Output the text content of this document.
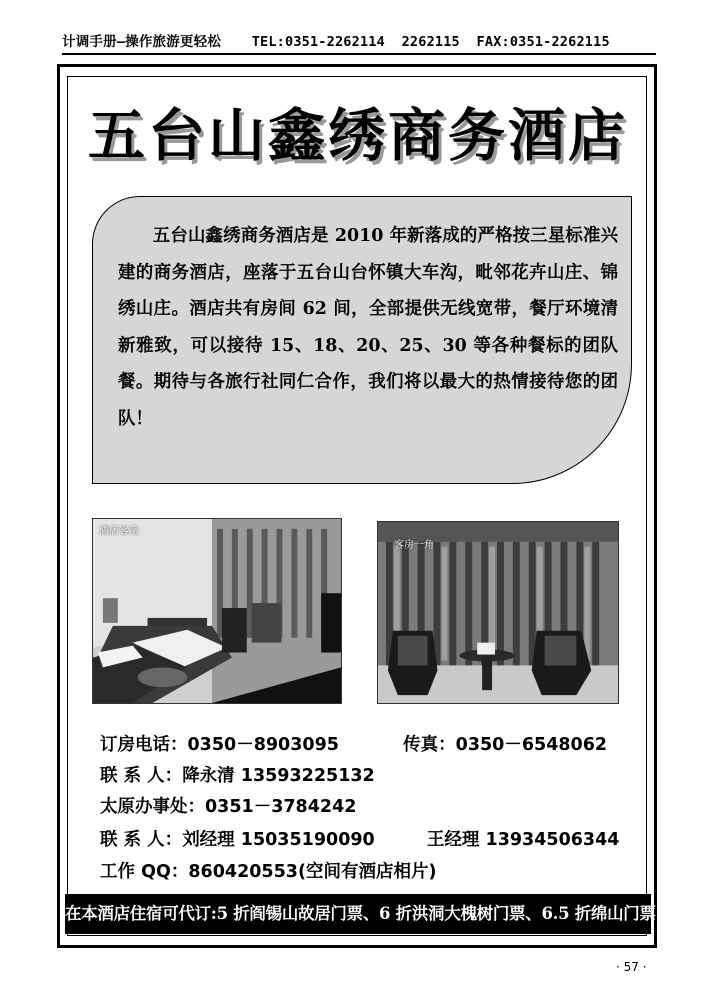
计调手册—操作旅游更轻松 TEL:0351-2262114  2262115  FAX:0351-2262115
五台山鑫绣商务酒店
五台山鑫绣商务酒店是 2010 年新落成的严格按三星标准兴建的商务酒店，座落于五台山台怀镇大车沟，毗邻花卉山庄、锦绣山庄。酒店共有房间 62 间，全部提供无线宽带，餐厅环境清新雅致，可以接待 15、18、20、25、30 等各种餐标的团队餐。期待与各旅行社同仁合作，我们将以最大的热情接待您的团队！
酒店客房
客房一角
订房电话：0350－8903095	传真：0350－6548062
联 系 人：降永清 13593225132
太原办事处：0351－3784242
联 系 人：刘经理 15035190090	王经理 13934506344
工作 QQ：860420553(空间有酒店相片)
在本酒店住宿可代订:5 折阎锡山故居门票、6 折洪洞大槐树门票、6.5 折绵山门票!
· 57 ·
